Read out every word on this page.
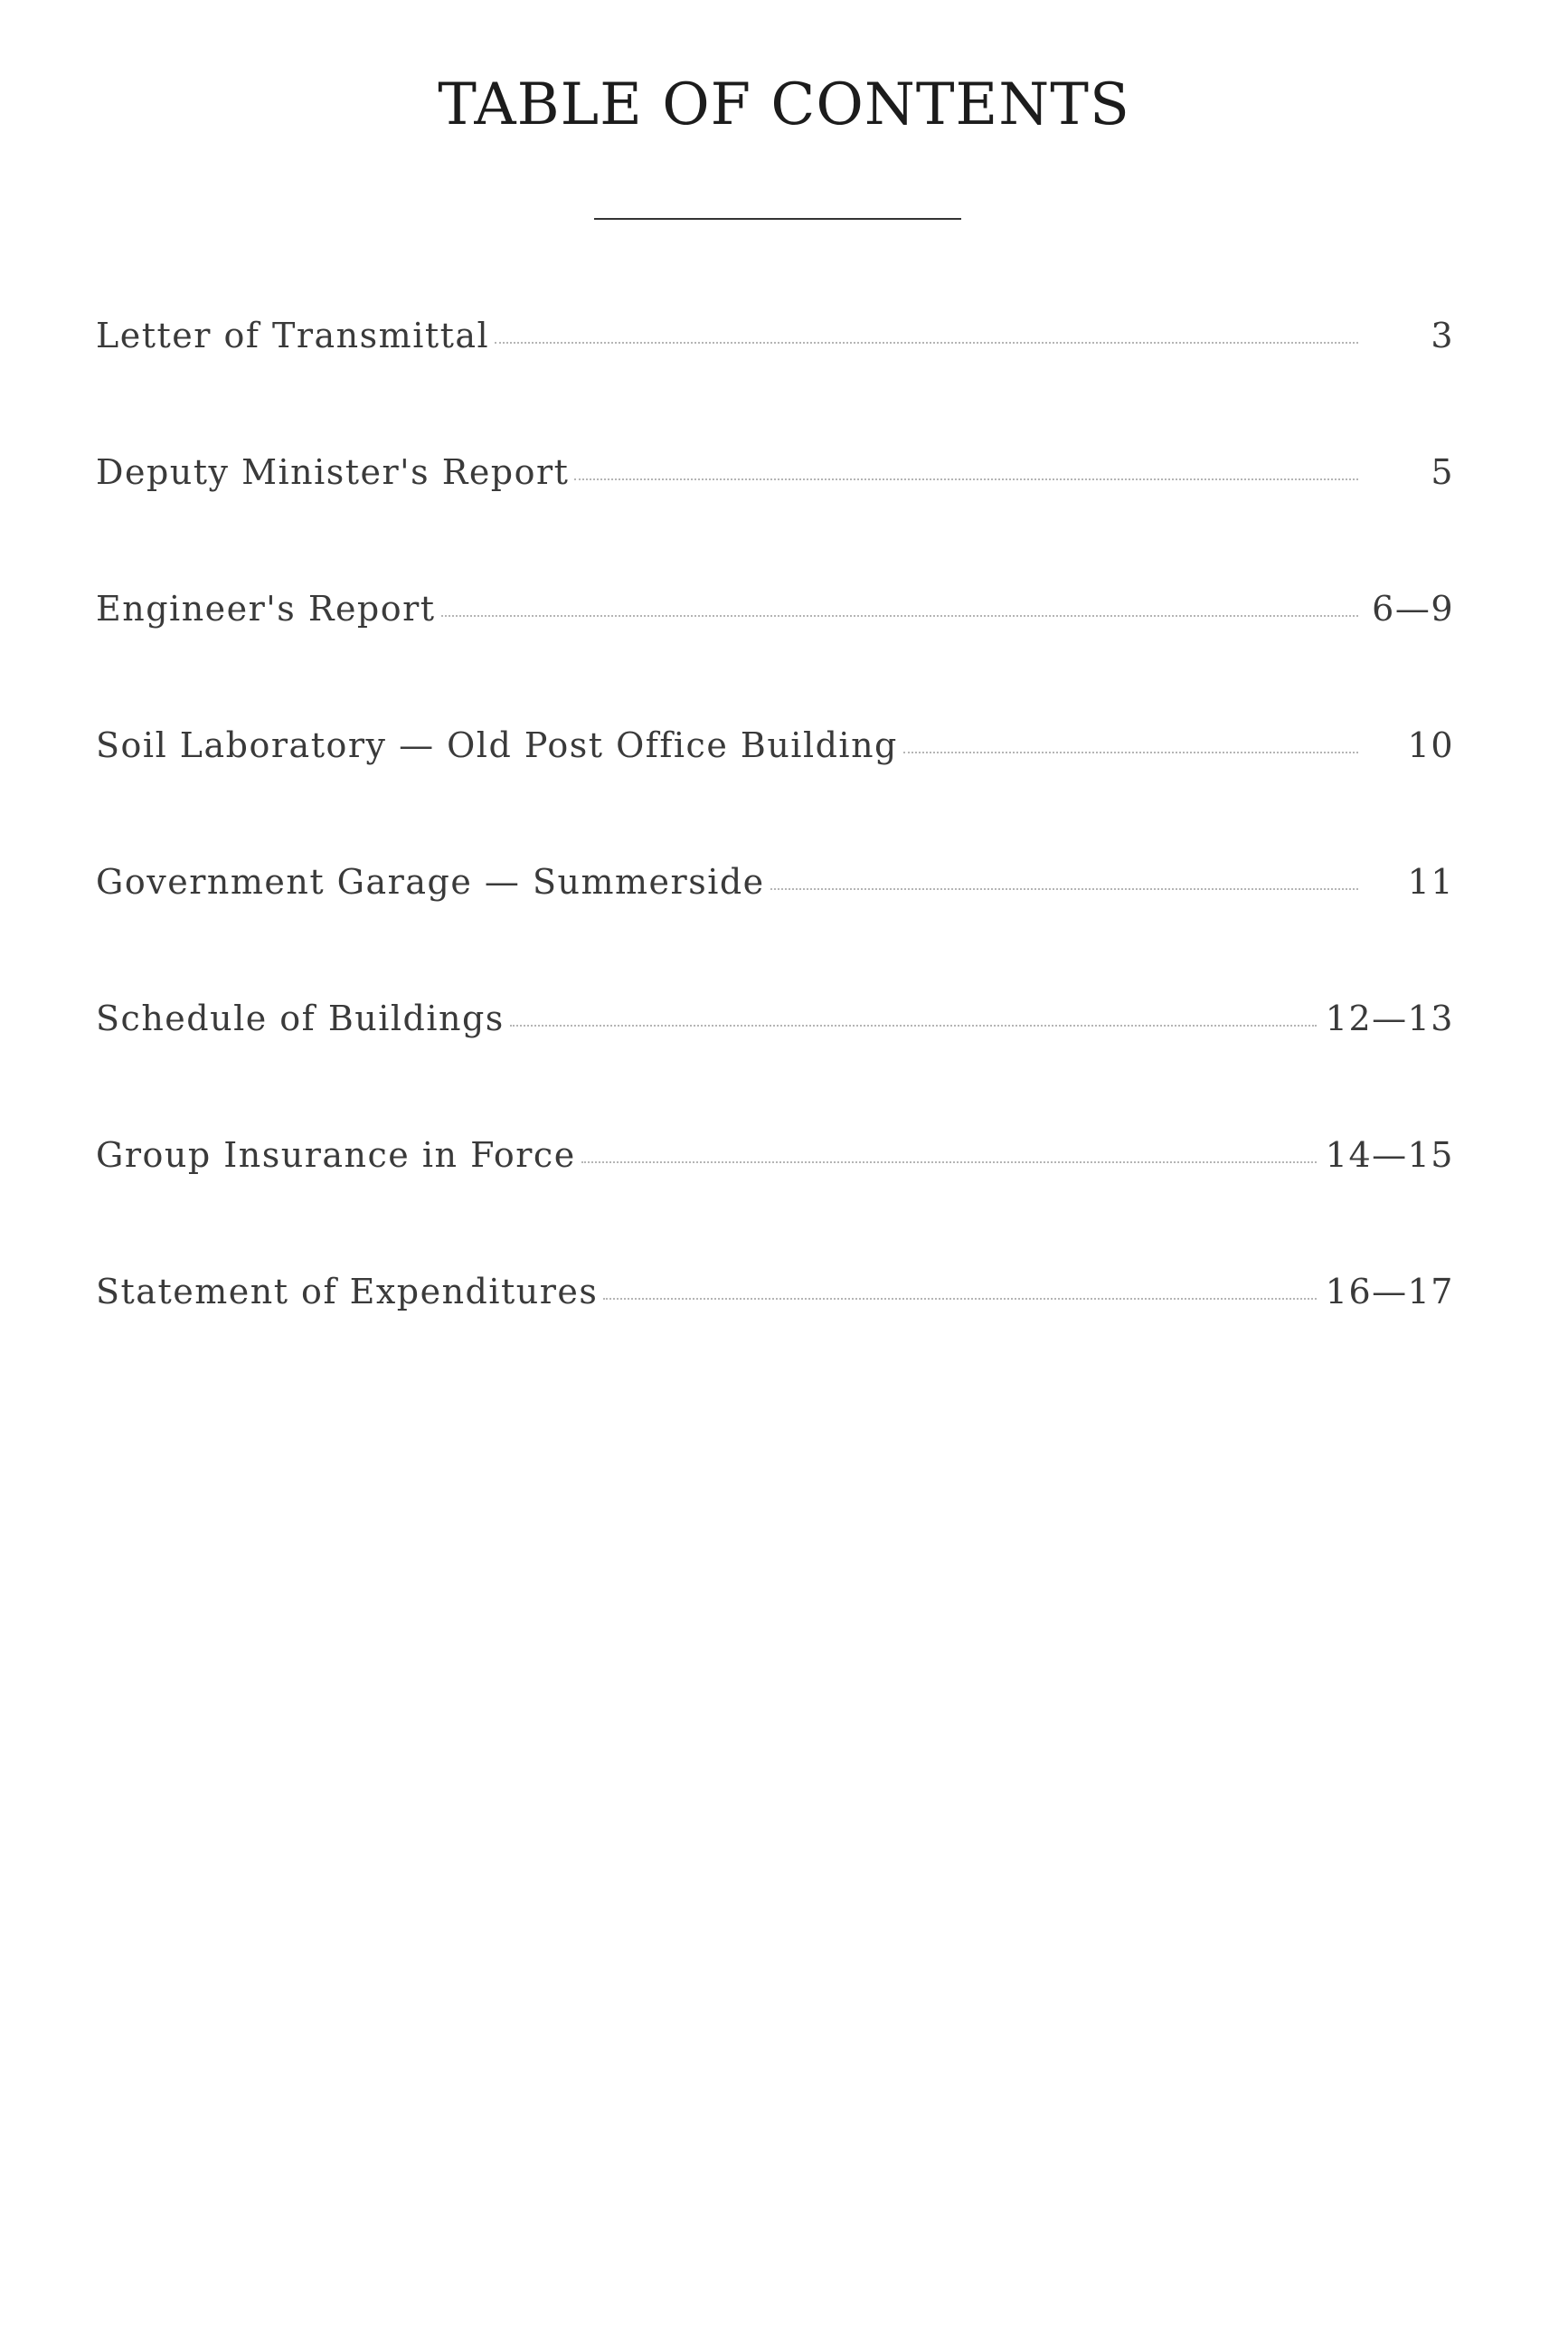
TABLE OF CONTENTS
Letter of Transmittal	3
Deputy Minister's Report	5
Engineer's Report	6—9
Soil Laboratory — Old Post Office Building	10
Government Garage — Summerside	11
Schedule of Buildings	12—13
Group Insurance in Force	14—15
Statement of Expenditures	16—17
